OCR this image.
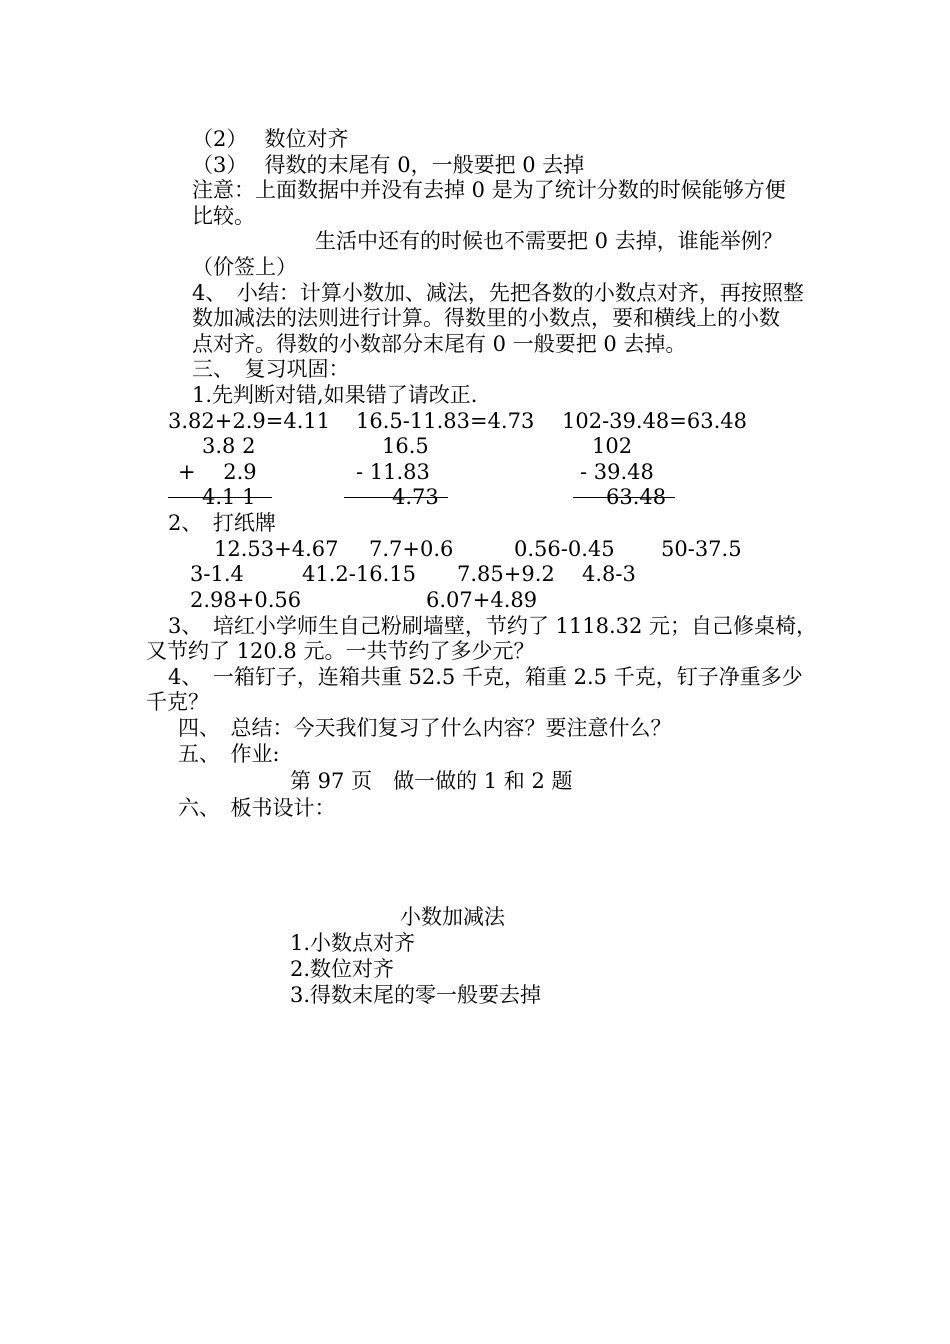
（2）　 数位对齐
（3）　 得数的末尾有 0，一般要把 0 去掉
注意：上面数据中并没有去掉 0 是为了统计分数的时候能够方便
比较。
生活中还有的时候也不需要把 0 去掉，谁能举例？
（价签上）
4、　小结：计算小数加、减法，先把各数的小数点对齐，再按照整
数加减法的法则进行计算。得数里的小数点，要和横线上的小数
点对齐。得数的小数部分末尾有 0 一般要把 0 去掉。
三、　复习巩固：
1.先判断对错,如果错了请改正.
3.82+2.9=4.11 16.5-11.83=4.73 102-39.48=63.48
3.8 2	16.5	102
+　 2.9	- 11.83	- 39.48
4.1 1	4.73	63.48
2、　打纸牌
12.53+4.67 7.7+0.6	0.56-0.45 50-37.5
3-1.4	41.2-16.15 7.85+9.2 4.8-3
2.98+0.56	6.07+4.89
3、　培红小学师生自己粉刷墙壁，节约了 1118.32 元；自己修桌椅，
又节约了 120.8 元。一共节约了多少元？
4、　一箱钉子，连箱共重 52.5 千克，箱重 2.5 千克，钉子净重多少
千克？
四、　总结：今天我们复习了什么内容？要注意什么？
五、　作业:
第 97 页　做一做的 1 和 2 题
六、　板书设计：
小数加减法
1.小数点对齐
2.数位对齐
3.得数末尾的零一般要去掉
